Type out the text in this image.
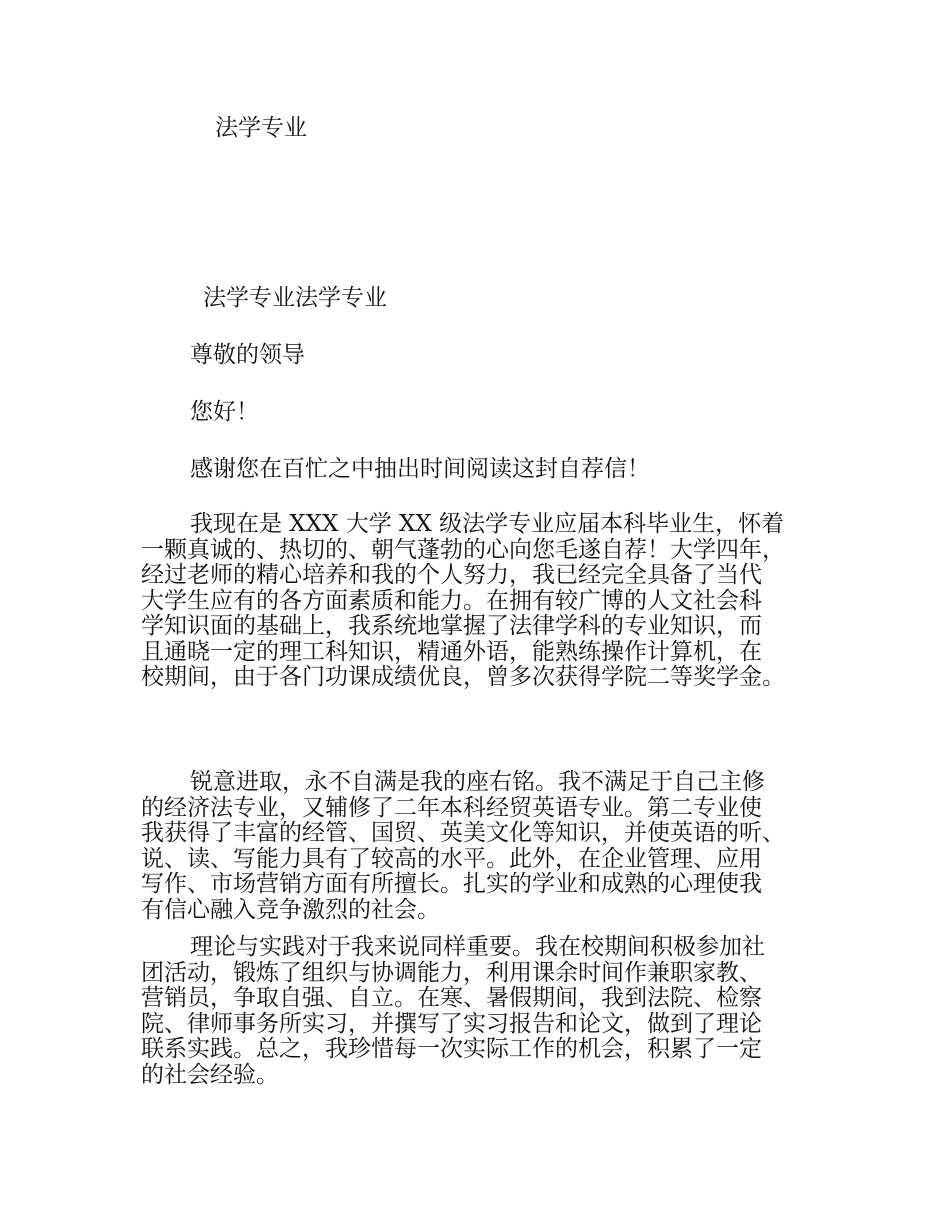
法学专业

法学专业法学专业

尊敬的领导

您好！

感谢您在百忙之中抽出时间阅读这封自荐信！

我现在是 XXX 大学 XX 级法学专业应届本科毕业生，怀着
一颗真诚的、热切的、朝气蓬勃的心向您毛遂自荐！大学四年，
经过老师的精心培养和我的个人努力，我已经完全具备了当代
大学生应有的各方面素质和能力。在拥有较广博的人文社会科
学知识面的基础上，我系统地掌握了法律学科的专业知识，而
且通晓一定的理工科知识，精通外语，能熟练操作计算机，在
校期间，由于各门功课成绩优良，曾多次获得学院二等奖学金。
锐意进取，永不自满是我的座右铭。我不满足于自己主修
的经济法专业，又辅修了二年本科经贸英语专业。第二专业使
我获得了丰富的经管、国贸、英美文化等知识，并使英语的听、
说、读、写能力具有了较高的水平。此外，在企业管理、应用
写作、市场营销方面有所擅长。扎实的学业和成熟的心理使我
有信心融入竞争激烈的社会。
理论与实践对于我来说同样重要。我在校期间积极参加社
团活动，锻炼了组织与协调能力，利用课余时间作兼职家教、
营销员，争取自强、自立。在寒、暑假期间，我到法院、检察
院、律师事务所实习，并撰写了实习报告和论文，做到了理论
联系实践。总之，我珍惜每一次实际工作的机会，积累了一定
的社会经验。
